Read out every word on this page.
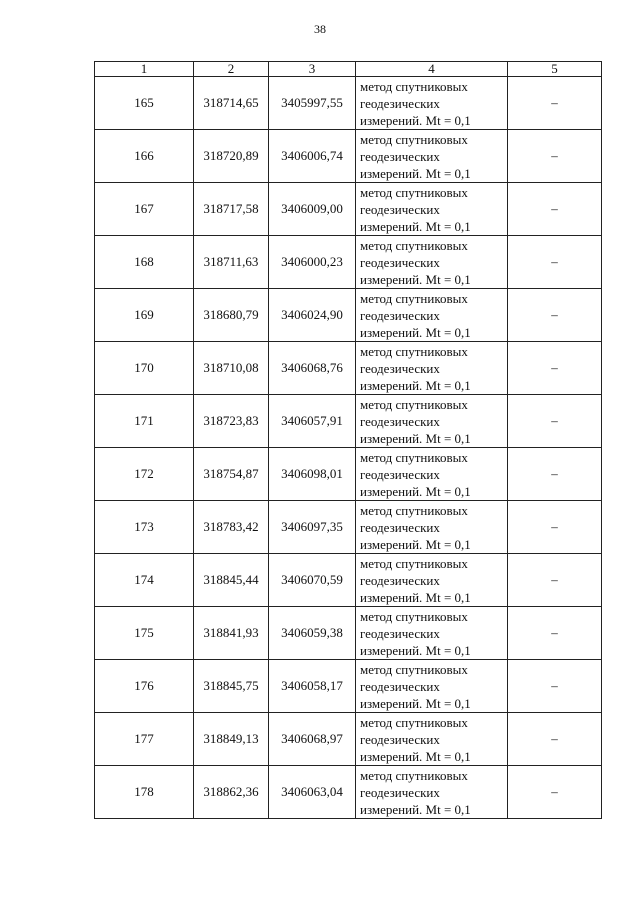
38
1	2	3	4	5
165	318714,65	3405997,55	метод спутниковых
геодезических
измерений. Mt = 0,1	–
166	318720,89	3406006,74	метод спутниковых
геодезических
измерений. Mt = 0,1	–
167	318717,58	3406009,00	метод спутниковых
геодезических
измерений. Mt = 0,1	–
168	318711,63	3406000,23	метод спутниковых
геодезических
измерений. Mt = 0,1	–
169	318680,79	3406024,90	метод спутниковых
геодезических
измерений. Mt = 0,1	–
170	318710,08	3406068,76	метод спутниковых
геодезических
измерений. Mt = 0,1	–
171	318723,83	3406057,91	метод спутниковых
геодезических
измерений. Mt = 0,1	–
172	318754,87	3406098,01	метод спутниковых
геодезических
измерений. Mt = 0,1	–
173	318783,42	3406097,35	метод спутниковых
геодезических
измерений. Mt = 0,1	–
174	318845,44	3406070,59	метод спутниковых
геодезических
измерений. Mt = 0,1	–
175	318841,93	3406059,38	метод спутниковых
геодезических
измерений. Mt = 0,1	–
176	318845,75	3406058,17	метод спутниковых
геодезических
измерений. Mt = 0,1	–
177	318849,13	3406068,97	метод спутниковых
геодезических
измерений. Mt = 0,1	–
178	318862,36	3406063,04	метод спутниковых
геодезических
измерений. Mt = 0,1	–
